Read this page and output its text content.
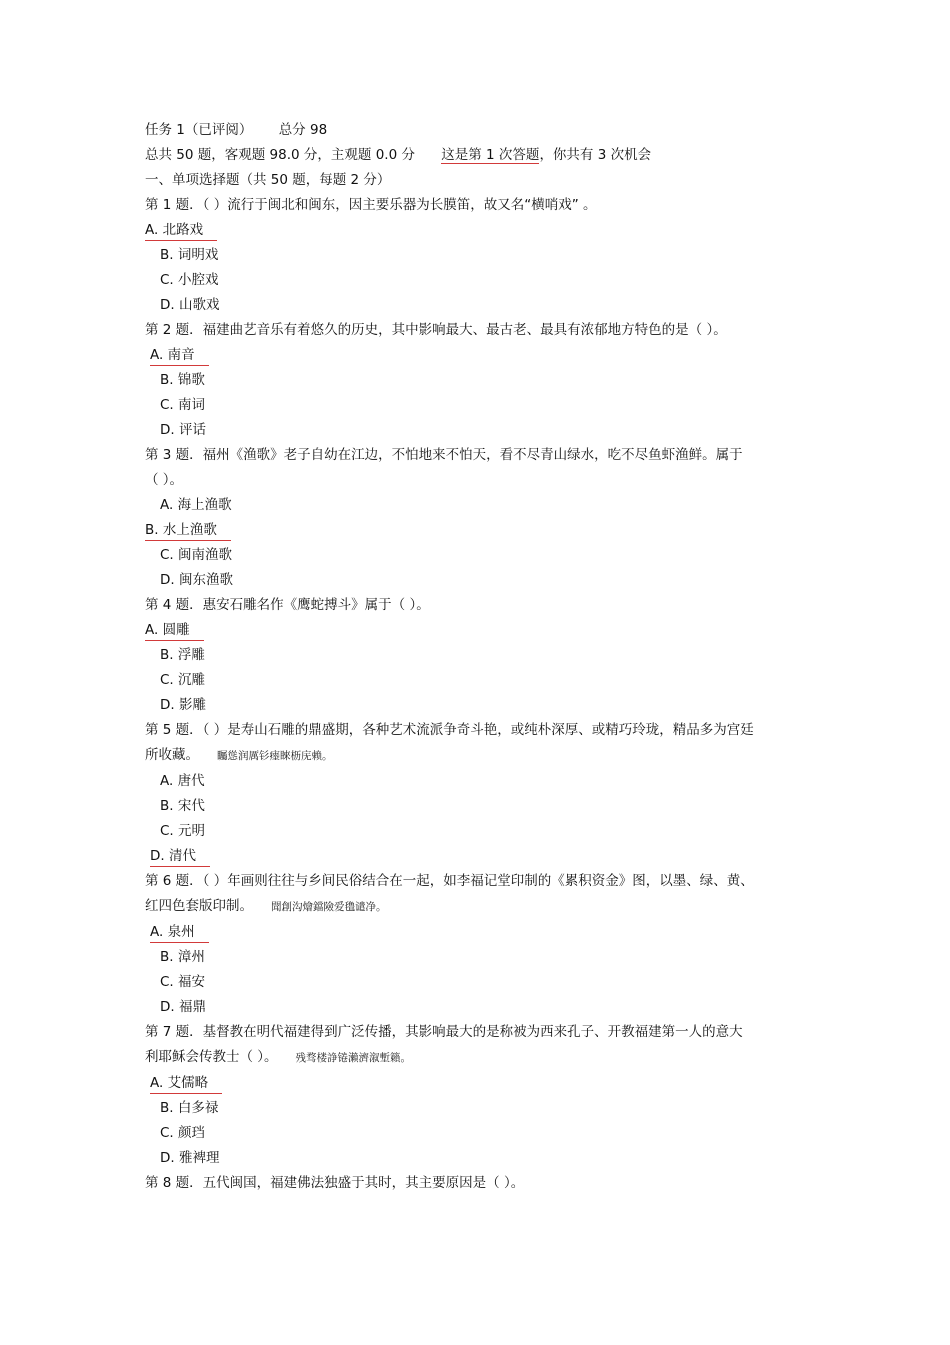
任务 1（已评阅） 总分 98
总共 50 题，客观题 98.0 分，主观题 0.0 分 这是第 1 次答题，你共有 3 次机会
一、单项选择题（共 50 题，每题 2 分）
第 1 题．（ ）流行于闽北和闽东，因主要乐器为长膜笛，故又名“横哨戏” 。
A. 北路戏
B. 词明戏
C. 小腔戏
D. 山歌戏
第 2 题．福建曲艺音乐有着悠久的历史，其中影响最大、最古老、最具有浓郁地方特色的是（ ）。
A. 南音
B. 锦歌
C. 南词
D. 评话
第 3 题．福州《渔歌》老子自幼在江边，不怕地来不怕天，看不尽青山绿水，吃不尽鱼虾渔鲜。属于（ ）。
A. 海上渔歌
B. 水上渔歌
C. 闽南渔歌
D. 闽东渔歌
第 4 题．惠安石雕名作《鹰蛇搏斗》属于（ ）。
A. 圆雕
B. 浮雕
C. 沉雕
D. 影雕
第 5 题．（ ）是寿山石雕的鼎盛期，各种艺术流派争奇斗艳，或纯朴深厚、或精巧玲珑，精品多为宫廷所收藏。 矚慫润厲钐瘗睞枥庑赖。
A. 唐代
B. 宋代
C. 元明
D. 清代
第 6 题．（ ）年画则往往与乡间民俗结合在一起，如李福记堂印制的《累积资金》图，以墨、绿、黄、红四色套版印制。 聞創沟燴鐺險爱氇谴净。
A. 泉州
B. 漳州
C. 福安
D. 福鼎
第 7 题．基督教在明代福建得到广泛传播，其影响最大的是称被为西来孔子、开教福建第一人的意大利耶稣会传教士（ ）。 残骛楼諍锩瀨濟溆塹籟。
A. 艾儒略
B. 白多禄
C. 颜珰
D. 雅裨理
第 8 题．五代闽国，福建佛法独盛于其时，其主要原因是（ ）。
